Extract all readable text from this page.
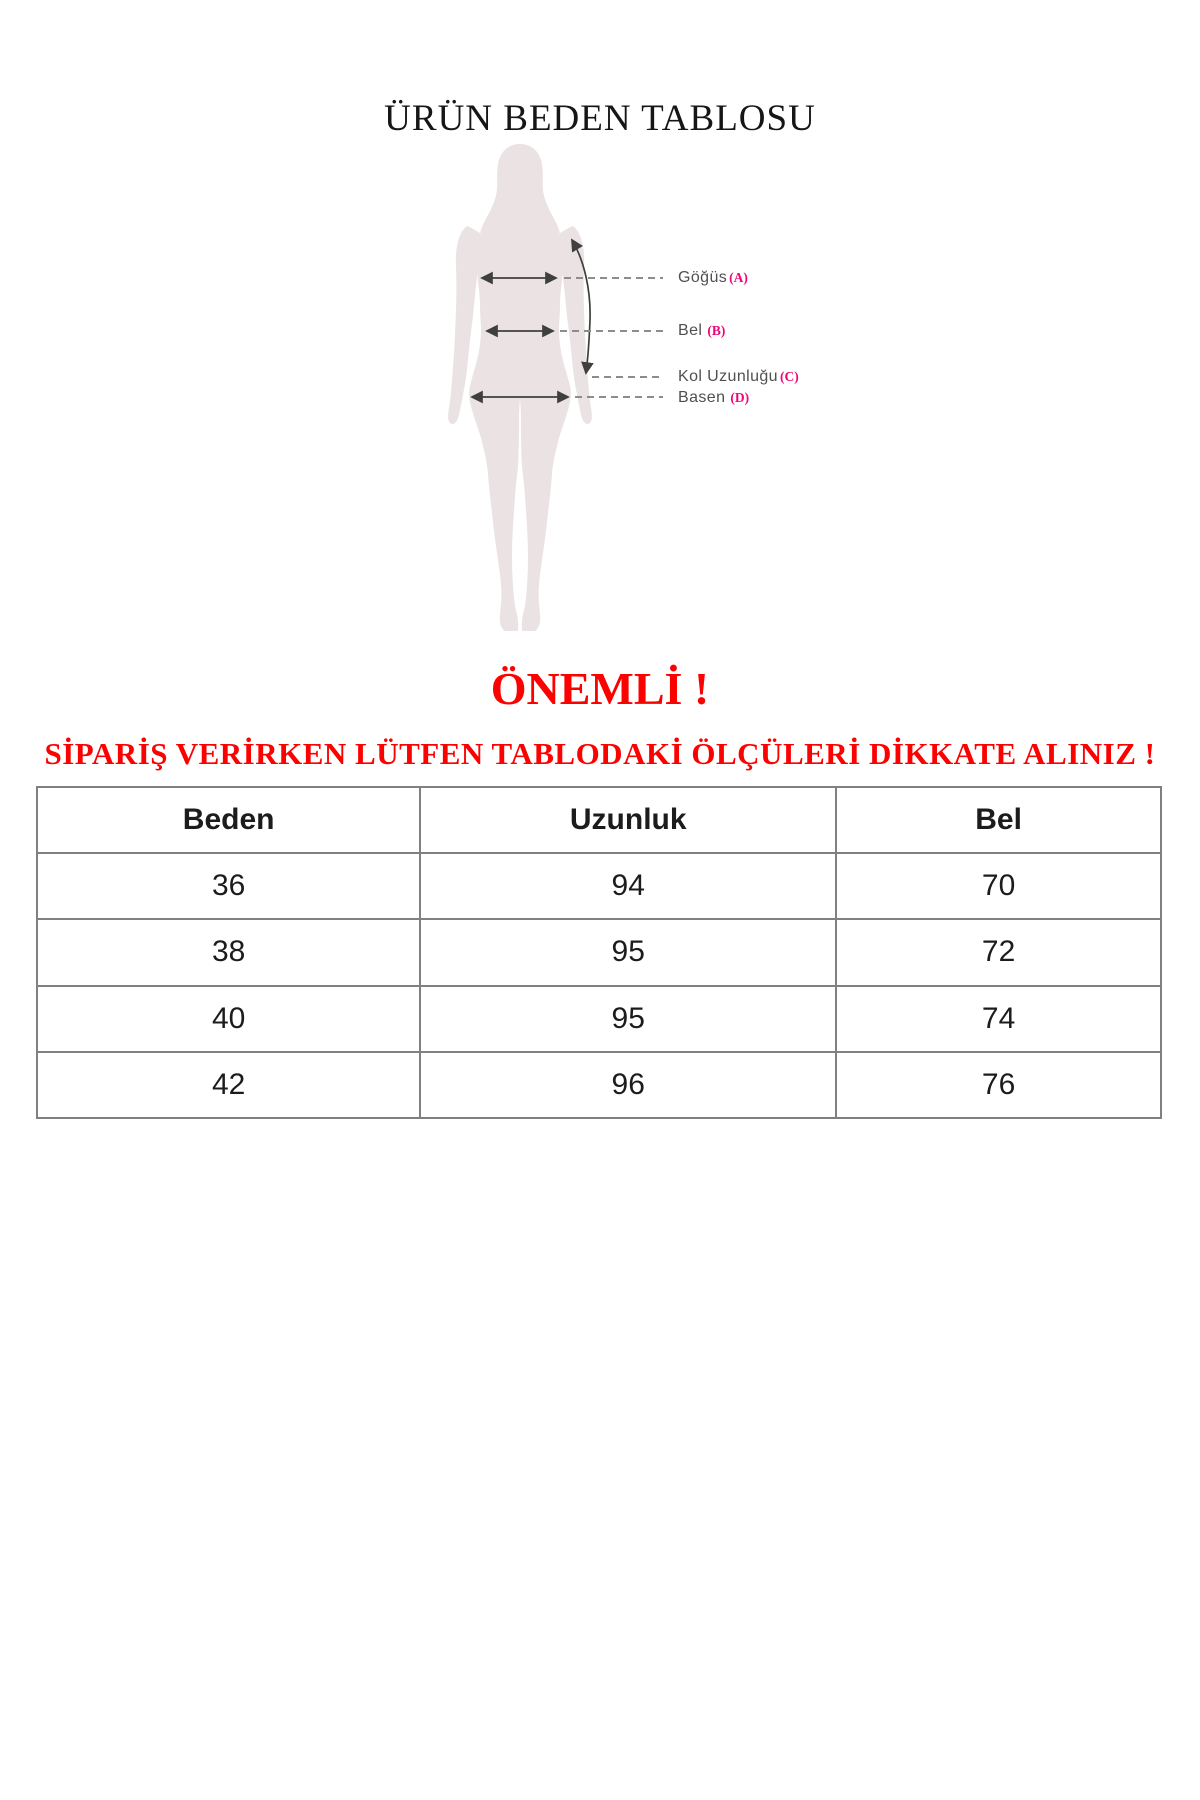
ÜRÜN BEDEN TABLOSU
Göğüs (A)
Bel (B)
Kol Uzunluğu (C)
Basen (D)
ÖNEMLİ !
SİPARİŞ VERİRKEN LÜTFEN TABLODAKİ ÖLÇÜLERİ DİKKATE ALINIZ !
Beden	Uzunluk	Bel
36	94	70
38	95	72
40	95	74
42	96	76
